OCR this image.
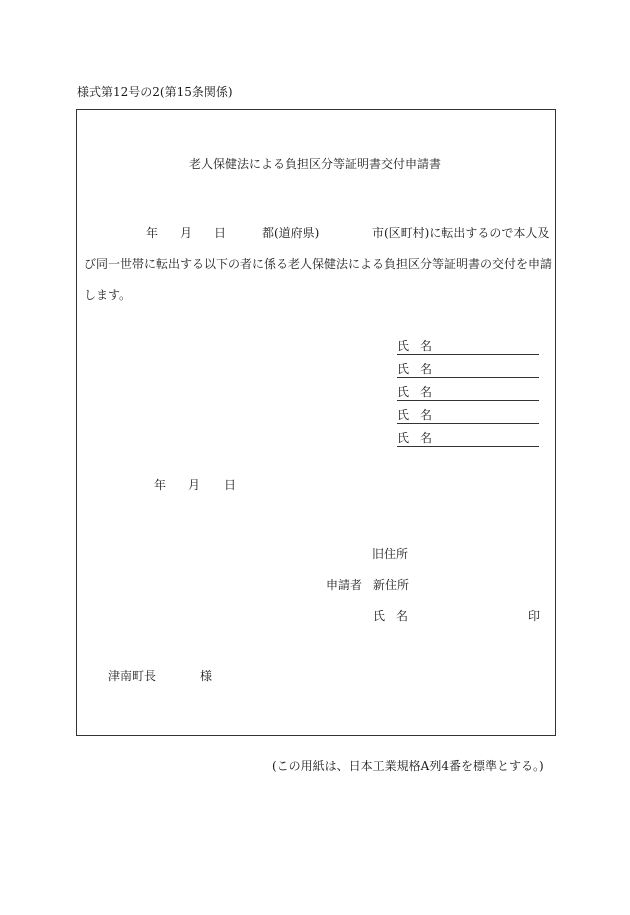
様式第12号の2(第15条関係)
老人保健法による負担区分等証明書交付申請書
年 月 日	都(道府県)	市(区町村)に転出するので本人及
び同一世帯に転出する以下の者に係る老人保健法による負担区分等証明書の交付を申請
します。
氏 名
氏 名
氏 名
氏 名
氏 名
年 月 日
旧住所
申請者 新住所
氏 名	印
津南町長	様
(この用紙は、日本工業規格A列4番を標準とする。)
